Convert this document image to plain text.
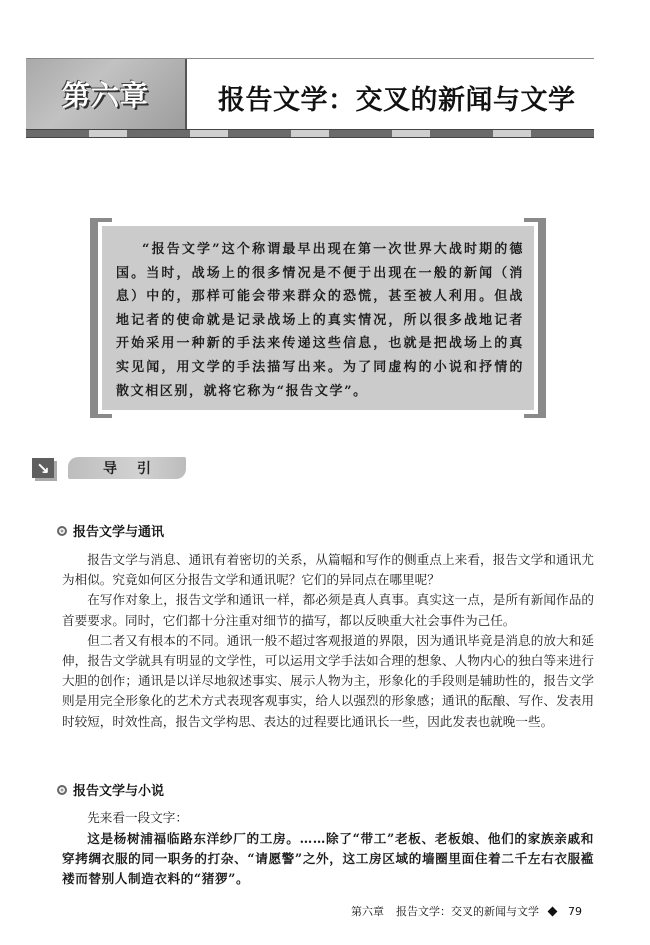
第六章	报告文学：交叉的新闻与文学

“报告文学”这个称谓最早出现在第一次世界大战时期的德国。当时，战场上的很多情况是不便于出现在一般的新闻（消息）中的，那样可能会带来群众的恐慌，甚至被人利用。但战地记者的使命就是记录战场上的真实情况，所以很多战地记者开始采用一种新的手法来传递这些信息，也就是把战场上的真实见闻，用文学的手法描写出来。为了同虚构的小说和抒情的散文相区别，就将它称为“报告文学”。

↘	导引
报告文学与通讯

报告文学与消息、通讯有着密切的关系，从篇幅和写作的侧重点上来看，报告文学和通讯尤为相似。究竟如何区分报告文学和通讯呢？它们的异同点在哪里呢？

在写作对象上，报告文学和通讯一样，都必须是真人真事。真实这一点，是所有新闻作品的首要要求。同时，它们都十分注重对细节的描写，都以反映重大社会事件为己任。

但二者又有根本的不同。通讯一般不超过客观报道的界限，因为通讯毕竟是消息的放大和延伸，报告文学就具有明显的文学性，可以运用文学手法如合理的想象、人物内心的独白等来进行大胆的创作；通讯是以详尽地叙述事实、展示人物为主，形象化的手段则是辅助性的，报告文学则是用完全形象化的艺术方式表现客观事实，给人以强烈的形象感；通讯的酝酿、写作、发表用时较短，时效性高，报告文学构思、表达的过程要比通讯长一些，因此发表也就晚一些。

报告文学与小说

先来看一段文字：

这是杨树浦福临路东洋纱厂的工房。……除了“带工”老板、老板娘、他们的家族亲戚和穿拷绸衣服的同一职务的打杂、“请愿警”之外，这工房区域的墙圈里面住着二千左右衣服褴褛而替别人制造衣料的“猪猡”。

第六章 报告文学：交叉的新闻与文学	79
